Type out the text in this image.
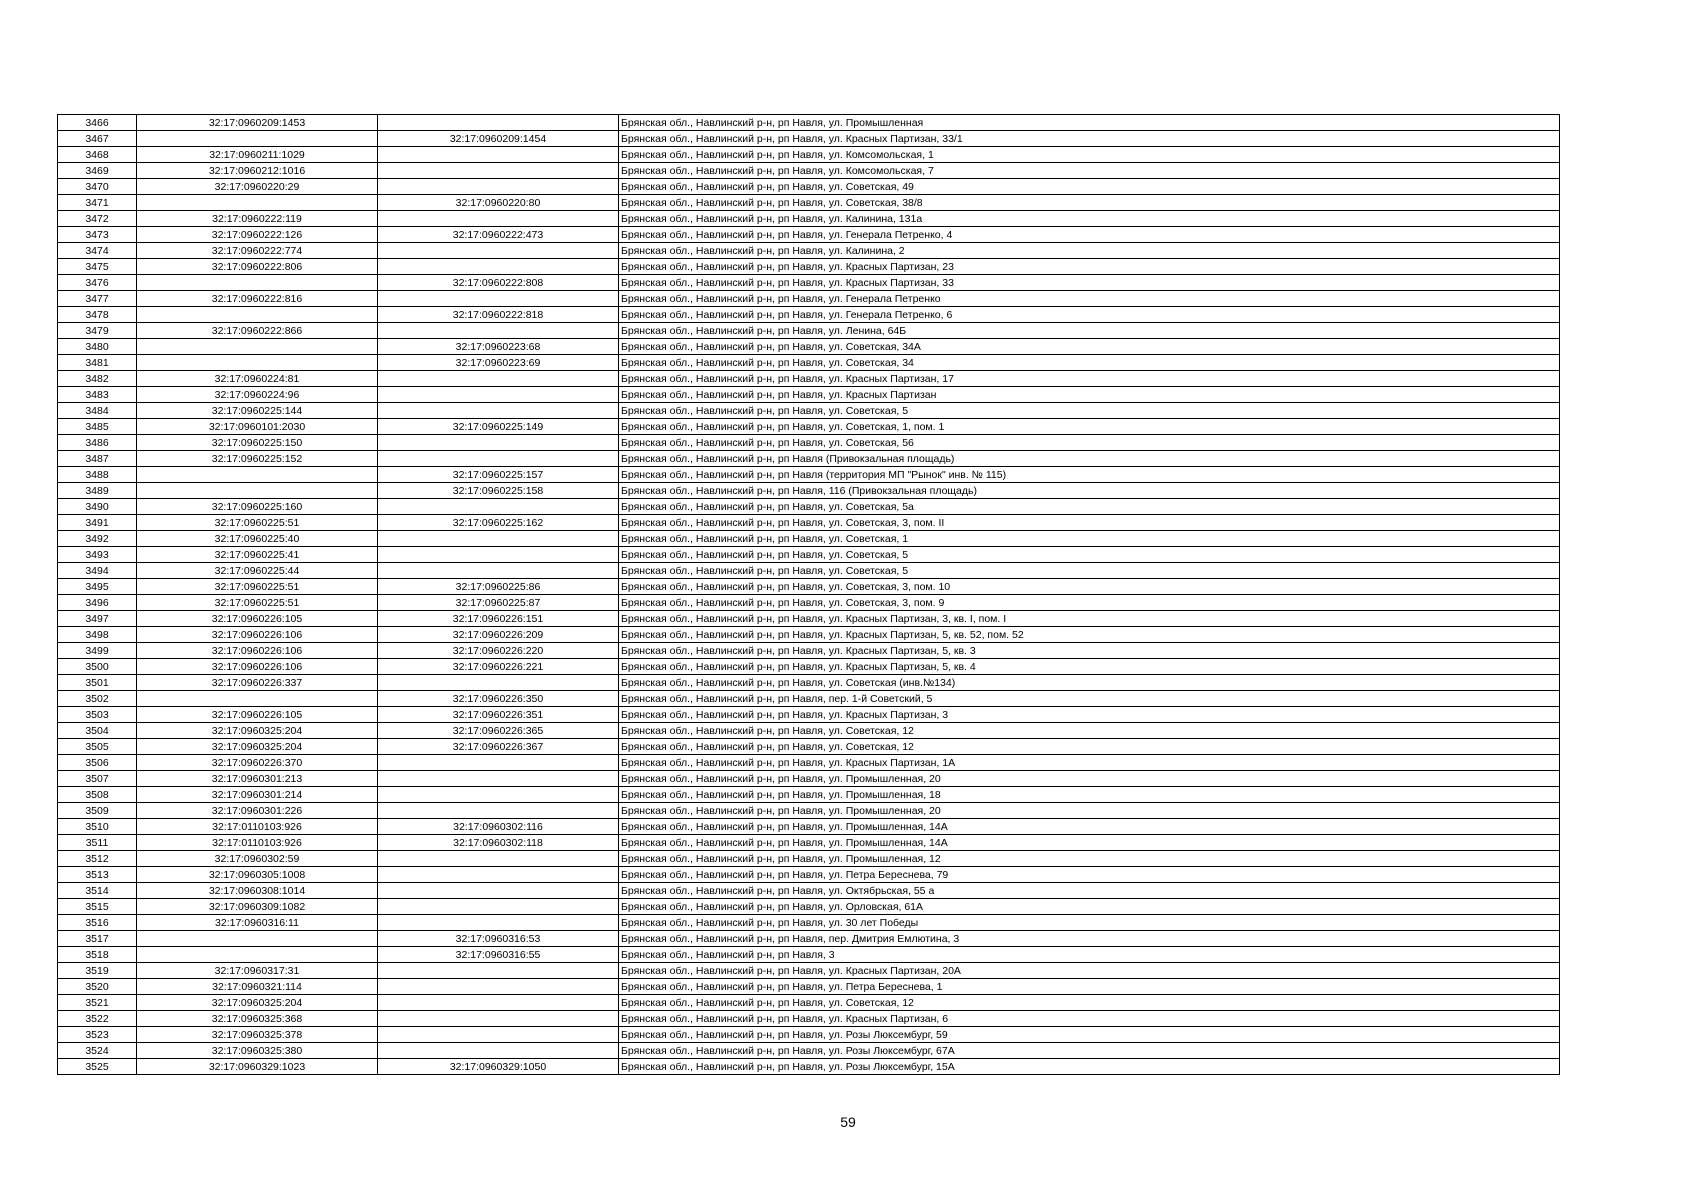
3466	32:17:0960209:1453		Брянская обл., Навлинский р-н, рп Навля, ул. Промышленная
3467		32:17:0960209:1454	Брянская обл., Навлинский р-н, рп Навля, ул. Красных Партизан, 33/1
3468	32:17:0960211:1029		Брянская обл., Навлинский р-н, рп Навля, ул. Комсомольская, 1
3469	32:17:0960212:1016		Брянская обл., Навлинский р-н, рп Навля, ул. Комсомольская, 7
3470	32:17:0960220:29		Брянская обл., Навлинский р-н, рп Навля, ул. Советская, 49
3471		32:17:0960220:80	Брянская обл., Навлинский р-н, рп Навля, ул. Советская, 38/8
3472	32:17:0960222:119		Брянская обл., Навлинский р-н, рп Навля, ул. Калинина, 131а
3473	32:17:0960222:126	32:17:0960222:473	Брянская обл., Навлинский р-н, рп Навля, ул. Генерала Петренко, 4
3474	32:17:0960222:774		Брянская обл., Навлинский р-н, рп Навля, ул. Калинина, 2
3475	32:17:0960222:806		Брянская обл., Навлинский р-н, рп Навля, ул. Красных Партизан, 23
3476		32:17:0960222:808	Брянская обл., Навлинский р-н, рп Навля, ул. Красных Партизан, 33
3477	32:17:0960222:816		Брянская обл., Навлинский р-н, рп Навля, ул. Генерала Петренко
3478		32:17:0960222:818	Брянская обл., Навлинский р-н, рп Навля, ул. Генерала Петренко, 6
3479	32:17:0960222:866		Брянская обл., Навлинский р-н, рп Навля, ул. Ленина, 64Б
3480		32:17:0960223:68	Брянская обл., Навлинский р-н, рп Навля, ул. Советская, 34А
3481		32:17:0960223:69	Брянская обл., Навлинский р-н, рп Навля, ул. Советская, 34
3482	32:17:0960224:81		Брянская обл., Навлинский р-н, рп Навля, ул. Красных Партизан, 17
3483	32:17:0960224:96		Брянская обл., Навлинский р-н, рп Навля, ул. Красных Партизан
3484	32:17:0960225:144		Брянская обл., Навлинский р-н, рп Навля, ул. Советская, 5
3485	32:17:0960101:2030	32:17:0960225:149	Брянская обл., Навлинский р-н, рп Навля, ул. Советская, 1, пом. 1
3486	32:17:0960225:150		Брянская обл., Навлинский р-н, рп Навля, ул. Советская, 56
3487	32:17:0960225:152		Брянская обл., Навлинский р-н, рп Навля (Привокзальная площадь)
3488		32:17:0960225:157	Брянская обл., Навлинский р-н, рп Навля (территория МП "Рынок" инв. № 115)
3489		32:17:0960225:158	Брянская обл., Навлинский р-н, рп Навля, 116 (Привокзальная площадь)
3490	32:17:0960225:160		Брянская обл., Навлинский р-н, рп Навля, ул. Советская, 5а
3491	32:17:0960225:51	32:17:0960225:162	Брянская обл., Навлинский р-н, рп Навля, ул. Советская, 3, пом. II
3492	32:17:0960225:40		Брянская обл., Навлинский р-н, рп Навля, ул. Советская, 1
3493	32:17:0960225:41		Брянская обл., Навлинский р-н, рп Навля, ул. Советская, 5
3494	32:17:0960225:44		Брянская обл., Навлинский р-н, рп Навля, ул. Советская, 5
3495	32:17:0960225:51	32:17:0960225:86	Брянская обл., Навлинский р-н, рп Навля, ул. Советская, 3, пом. 10
3496	32:17:0960225:51	32:17:0960225:87	Брянская обл., Навлинский р-н, рп Навля, ул. Советская, 3, пом. 9
3497	32:17:0960226:105	32:17:0960226:151	Брянская обл., Навлинский р-н, рп Навля, ул. Красных Партизан, 3, кв. I, пом. I
3498	32:17:0960226:106	32:17:0960226:209	Брянская обл., Навлинский р-н, рп Навля, ул. Красных Партизан, 5, кв. 52, пом. 52
3499	32:17:0960226:106	32:17:0960226:220	Брянская обл., Навлинский р-н, рп Навля, ул. Красных Партизан, 5, кв. 3
3500	32:17:0960226:106	32:17:0960226:221	Брянская обл., Навлинский р-н, рп Навля, ул. Красных Партизан, 5, кв. 4
3501	32:17:0960226:337		Брянская обл., Навлинский р-н, рп Навля, ул. Советская (инв.№134)
3502		32:17:0960226:350	Брянская обл., Навлинский р-н, рп Навля, пер. 1-й Советский, 5
3503	32:17:0960226:105	32:17:0960226:351	Брянская обл., Навлинский р-н, рп Навля, ул. Красных Партизан, 3
3504	32:17:0960325:204	32:17:0960226:365	Брянская обл., Навлинский р-н, рп Навля, ул. Советская, 12
3505	32:17:0960325:204	32:17:0960226:367	Брянская обл., Навлинский р-н, рп Навля, ул. Советская, 12
3506	32:17:0960226:370		Брянская обл., Навлинский р-н, рп Навля, ул. Красных Партизан, 1А
3507	32:17:0960301:213		Брянская обл., Навлинский р-н, рп Навля, ул. Промышленная, 20
3508	32:17:0960301:214		Брянская обл., Навлинский р-н, рп Навля, ул. Промышленная, 18
3509	32:17:0960301:226		Брянская обл., Навлинский р-н, рп Навля, ул. Промышленная, 20
3510	32:17:0110103:926	32:17:0960302:116	Брянская обл., Навлинский р-н, рп Навля, ул. Промышленная, 14А
3511	32:17:0110103:926	32:17:0960302:118	Брянская обл., Навлинский р-н, рп Навля, ул. Промышленная, 14А
3512	32:17:0960302:59		Брянская обл., Навлинский р-н, рп Навля, ул. Промышленная, 12
3513	32:17:0960305:1008		Брянская обл., Навлинский р-н, рп Навля, ул. Петра Береснева, 79
3514	32:17:0960308:1014		Брянская обл., Навлинский р-н, рп Навля, ул. Октябрьская, 55 а
3515	32:17:0960309:1082		Брянская обл., Навлинский р-н, рп Навля, ул. Орловская, 61А
3516	32:17:0960316:11		Брянская обл., Навлинский р-н, рп Навля, ул. 30 лет Победы
3517		32:17:0960316:53	Брянская обл., Навлинский р-н, рп Навля, пер. Дмитрия Емлютина, 3
3518		32:17:0960316:55	Брянская обл., Навлинский р-н, рп Навля, 3
3519	32:17:0960317:31		Брянская обл., Навлинский р-н, рп Навля, ул. Красных Партизан, 20А
3520	32:17:0960321:114		Брянская обл., Навлинский р-н, рп Навля, ул. Петра Береснева, 1
3521	32:17:0960325:204		Брянская обл., Навлинский р-н, рп Навля, ул. Советская, 12
3522	32:17:0960325:368		Брянская обл., Навлинский р-н, рп Навля, ул. Красных Партизан, 6
3523	32:17:0960325:378		Брянская обл., Навлинский р-н, рп Навля, ул. Розы Люксембург, 59
3524	32:17:0960325:380		Брянская обл., Навлинский р-н, рп Навля, ул. Розы Люксембург, 67А
3525	32:17:0960329:1023	32:17:0960329:1050	Брянская обл., Навлинский р-н, рп Навля, ул. Розы Люксембург, 15А
59
